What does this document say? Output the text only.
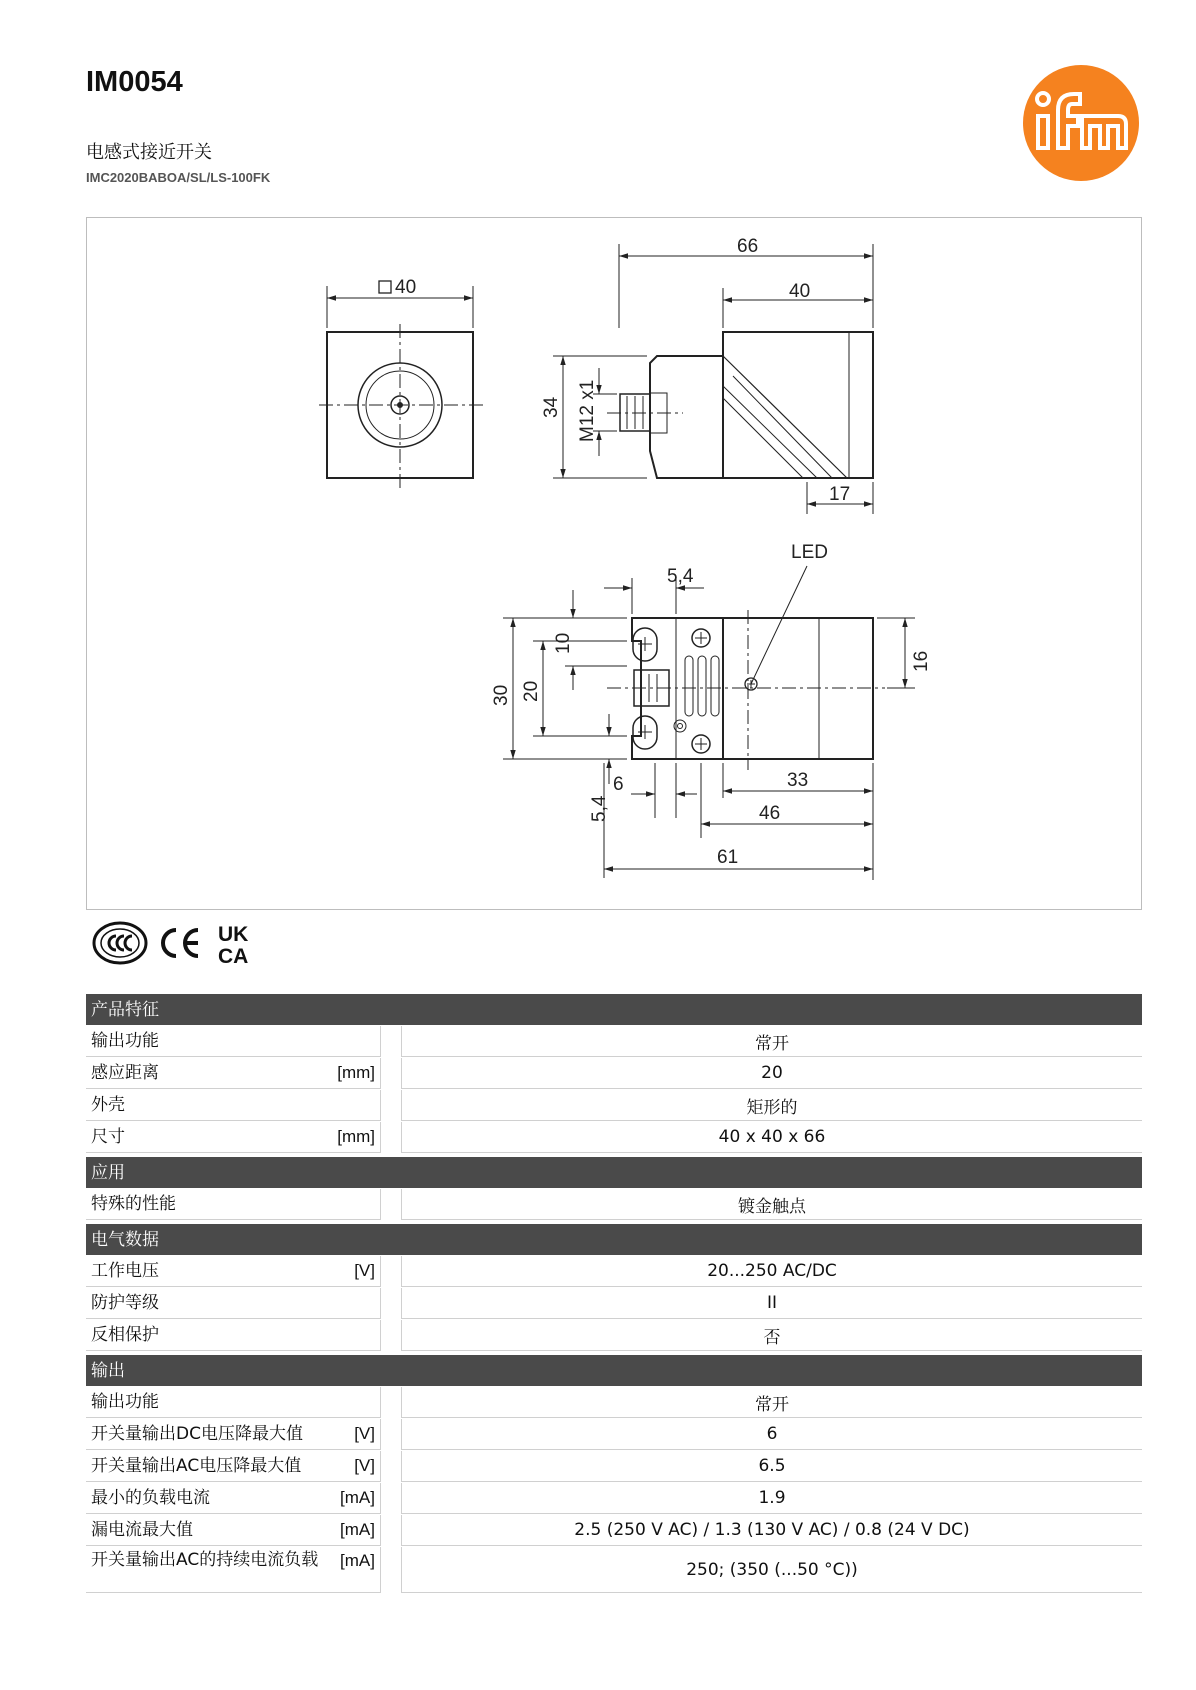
IM0054
电感式接近开关
IMC2020BABOA/SL/LS-100FK
40
66
40
34 M12 x1
17
LED
5,4
30 20
10
16
5,4
6	33
46
61
UK
CA
产品特征
输出功能	常开
感应距离	[mm]	20
外壳	矩形的
尺寸	[mm]	40 x 40 x 66
应用
特殊的性能	镀金触点
电气数据
工作电压	[V]	20...250 AC/DC
防护等级	II
反相保护	否
输出
输出功能	常开
开关量输出DC电压降最大值	[V]	6
开关量输出AC电压降最大值	[V]	6.5
最小的负载电流	[mA]	1.9
漏电流最大值	[mA]	2.5 (250 V AC) / 1.3 (130 V AC) / 0.8 (24 V DC)
开关量输出AC的持续电流负载 [mA]	250; (350 (...50 °C))
